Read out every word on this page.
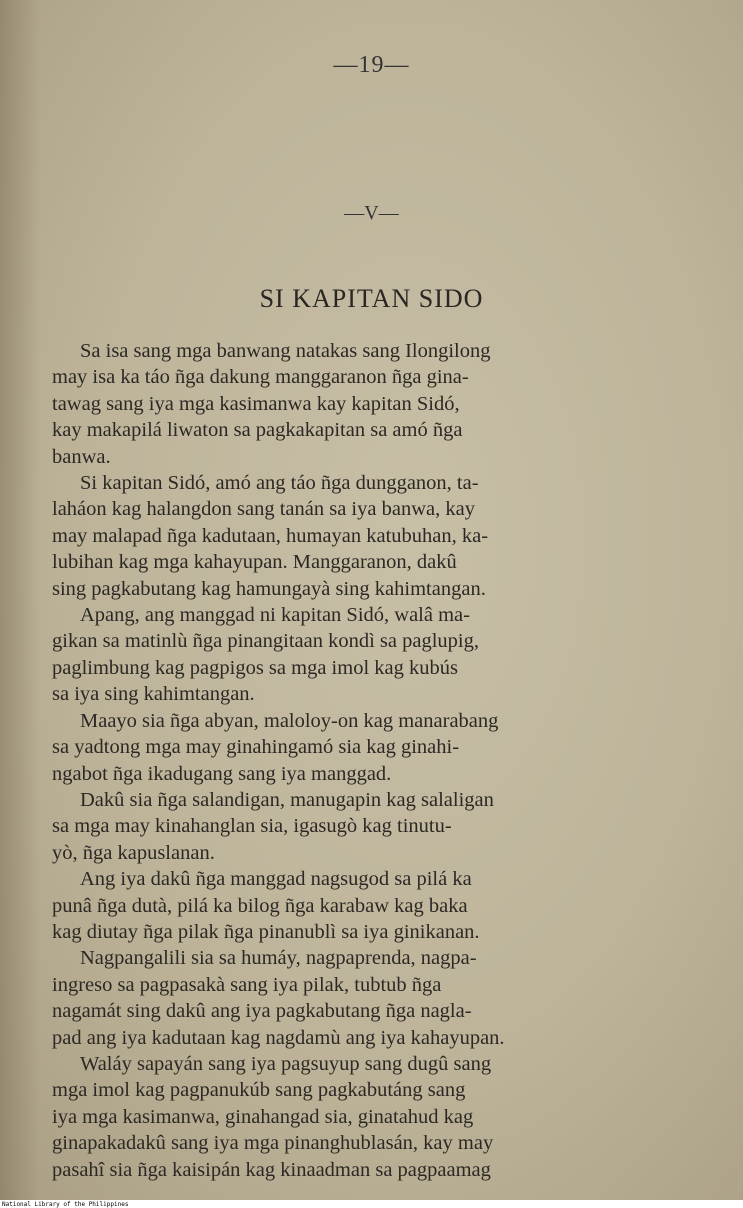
—19—
—V—
SI KAPITAN SIDO
Sa isa sang mga banwang natakas sang Ilongilong
may isa ka táo ñga dakung manggaranon ñga gina-
tawag sang iya mga kasimanwa kay kapitan Sidó,
kay makapilá liwaton sa pagkakapitan sa amó ñga
banwa.
Si kapitan Sidó, amó ang táo ñga dungganon, ta-
laháon kag halangdon sang tanán sa iya banwa, kay
may malapad ñga kadutaan, humayan katubuhan, ka-
lubihan kag mga kahayupan. Manggaranon, dakû
sing pagkabutang kag hamungayà sing kahimtangan.
Apang, ang manggad ni kapitan Sidó, walâ ma-
gikan sa matinlù ñga pinangitaan kondì sa paglupig,
paglimbung kag pagpigos sa mga imol kag kubús
sa iya sing kahimtangan.
Maayo sia ñga abyan, maloloy-on kag manarabang
sa yadtong mga may ginahingamó sia kag ginahi-
ngabot ñga ikadugang sang iya manggad.
Dakû sia ñga salandigan, manugapin kag salaligan
sa mga may kinahanglan sia, igasugò kag tinutu-
yò, ñga kapuslanan.
Ang iya dakû ñga manggad nagsugod sa pilá ka
punâ ñga dutà, pilá ka bilog ñga karabaw kag baka
kag diutay ñga pilak ñga pinanublì sa iya ginikanan.
Nagpangalili sia sa humáy, nagpaprenda, nagpa-
ingreso sa pagpasakà sang iya pilak, tubtub ñga
nagamát sing dakû ang iya pagkabutang ñga nagla-
pad ang iya kadutaan kag nagdamù ang iya kahayupan.
Waláy sapayán sang iya pagsuyup sang dugû sang
mga imol kag pagpanukúb sang pagkabutáng sang
iya mga kasimanwa, ginahangad sia, ginatahud kag
ginapakadakû sang iya mga pinanghublasán, kay may
pasahî sia ñga kaisipán kag kinaadman sa pagpaamag
National Library of the Philippines
